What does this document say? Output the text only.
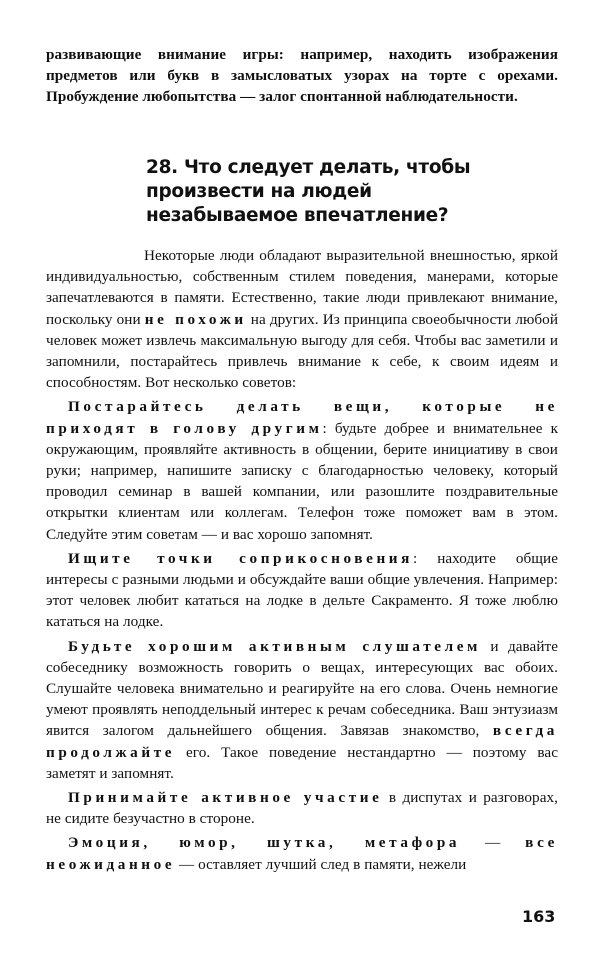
развивающие внимание игры: например, находить изображения предметов или букв в замысловатых узорах на торте с орехами. Пробуждение любопытства — залог спонтанной наблюдательности.
28. Что следует делать, чтобы произвести на людей незабываемое впечатление?

Некоторые люди обладают выразительной внешностью, яркой индивидуальностью, собственным стилем поведения, манерами, которые запечатлеваются в памяти. Естественно, такие люди привлекают внимание, поскольку они не похожи на других. Из принципа своеобычности любой человек может извлечь максимальную выгоду для себя. Чтобы вас заметили и запомнили, постарайтесь привлечь внимание к себе, к своим идеям и способностям. Вот несколько советов:

Постарайтесь делать вещи, которые не приходят в голову другим: будьте добрее и внимательнее к окружающим, проявляйте активность в общении, берите инициативу в свои руки; например, напишите записку с благодарностью человеку, который проводил семинар в вашей компании, или разошлите поздравительные открытки клиентам или коллегам. Телефон тоже поможет вам в этом. Следуйте этим советам — и вас хорошо запомнят.

Ищите точки соприкосновения: находите общие интересы с разными людьми и обсуждайте ваши общие увлечения. Например: этот человек любит кататься на лодке в дельте Сакраменто. Я тоже люблю кататься на лодке.

Будьте хорошим активным слушателем и давайте собеседнику возможность говорить о вещах, интересующих вас обоих. Слушайте человека внимательно и реагируйте на его слова. Очень немногие умеют проявлять неподдельный интерес к речам собеседника. Ваш энтузиазм явится залогом дальнейшего общения. Завязав знакомство, всегда продолжайте его. Такое поведение нестандартно — поэтому вас заметят и запомнят.

Принимайте активное участие в диспутах и разговорах, не сидите безучастно в стороне.

Эмоция, юмор, шутка, метафора — все неожиданное — оставляет лучший след в памяти, нежели

163
